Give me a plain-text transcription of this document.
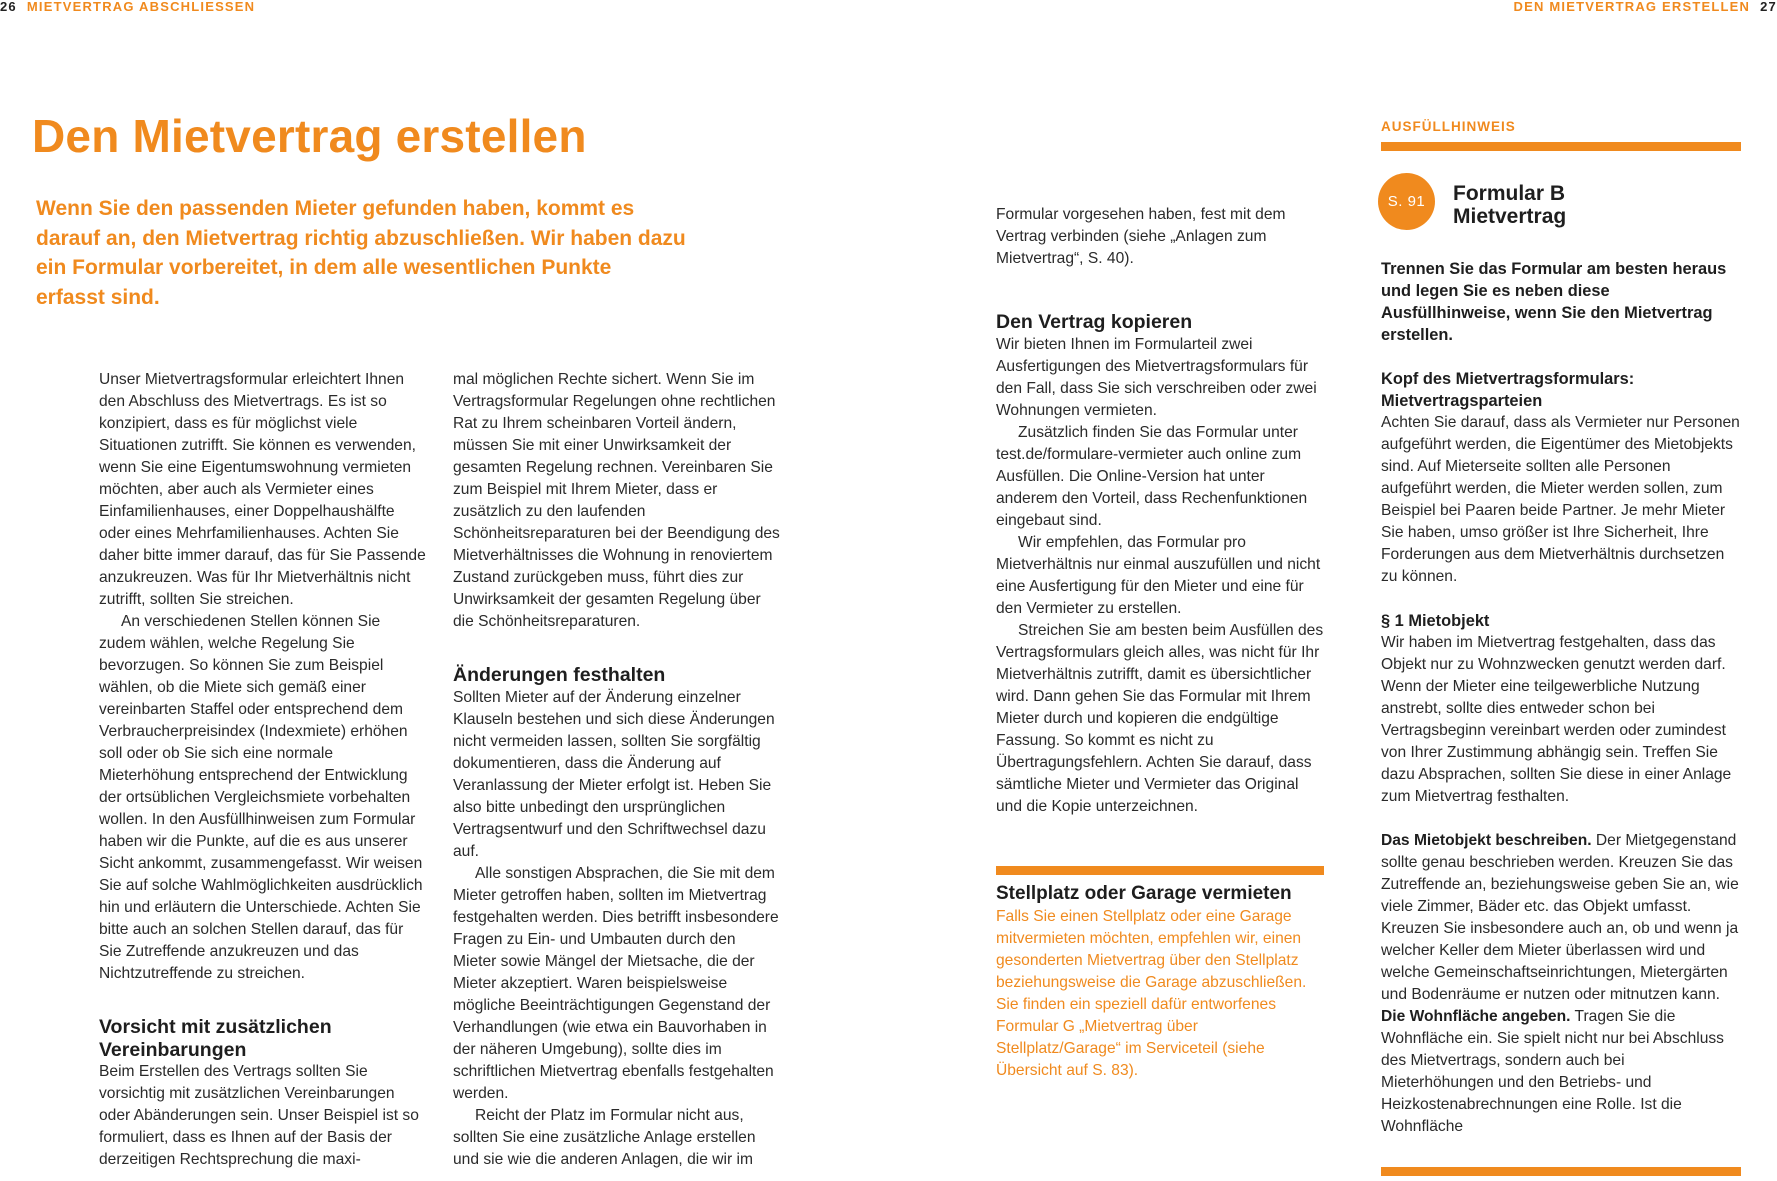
26 MIETVERTRAG ABSCHLIESSEN	DEN MIETVERTRAG ERSTELLEN 27
Den Mietvertrag erstellen

Wenn Sie den passenden Mieter gefunden haben, kommt es darauf an, den Mietvertrag richtig abzuschließen. Wir haben dazu ein Formular vorbereitet, in dem alle wesentlichen Punkte erfasst sind.

Unser Mietvertragsformular erleichtert Ihnen den Abschluss des Mietvertrags. Es ist so konzipiert, dass es für möglichst viele Situationen zutrifft. Sie können es verwenden, wenn Sie eine Eigentumswohnung vermieten möchten, aber auch als Vermieter eines Einfamilienhauses, einer Doppelhaushälfte oder eines Mehrfamilienhauses. Achten Sie daher bitte immer darauf, das für Sie Passende anzukreuzen. Was für Ihr Mietverhältnis nicht zutrifft, sollten Sie streichen.

An verschiedenen Stellen können Sie zudem wählen, welche Regelung Sie bevorzugen. So können Sie zum Beispiel wählen, ob die Miete sich gemäß einer vereinbarten Staffel oder entsprechend dem Verbraucherpreisindex (Indexmiete) erhöhen soll oder ob Sie sich eine normale Mieterhöhung entsprechend der Entwicklung der ortsüblichen Vergleichsmiete vorbehalten wollen. In den Ausfüllhinweisen zum Formular haben wir die Punkte, auf die es aus unserer Sicht ankommt, zusammengefasst. Wir weisen Sie auf solche Wahlmöglichkeiten ausdrücklich hin und erläutern die Unterschiede. Achten Sie bitte auch an solchen Stellen darauf, das für Sie Zutreffende anzukreuzen und das Nichtzutreffende zu streichen.

Vorsicht mit zusätzlichen Vereinbarungen

Beim Erstellen des Vertrags sollten Sie vorsichtig mit zusätzlichen Vereinbarungen oder Abänderungen sein. Unser Beispiel ist so formuliert, dass es Ihnen auf der Basis der derzeitigen Rechtsprechung die maxi-

mal möglichen Rechte sichert. Wenn Sie im Vertragsformular Regelungen ohne rechtlichen Rat zu Ihrem scheinbaren Vorteil ändern, müssen Sie mit einer Unwirksamkeit der gesamten Regelung rechnen. Vereinbaren Sie zum Beispiel mit Ihrem Mieter, dass er zusätzlich zu den laufenden Schönheitsreparaturen bei der Beendigung des Mietverhältnisses die Wohnung in renoviertem Zustand zurückgeben muss, führt dies zur Unwirksamkeit der gesamten Regelung über die Schönheitsreparaturen.

Änderungen festhalten

Sollten Mieter auf der Änderung einzelner Klauseln bestehen und sich diese Änderungen nicht vermeiden lassen, sollten Sie sorgfältig dokumentieren, dass die Änderung auf Veranlassung der Mieter erfolgt ist. Heben Sie also bitte unbedingt den ursprünglichen Vertragsentwurf und den Schriftwechsel dazu auf.

Alle sonstigen Absprachen, die Sie mit dem Mieter getroffen haben, sollten im Mietvertrag festgehalten werden. Dies betrifft insbesondere Fragen zu Ein- und Umbauten durch den Mieter sowie Mängel der Mietsache, die der Mieter akzeptiert. Waren beispielsweise mögliche Beeinträchtigungen Gegenstand der Verhandlungen (wie etwa ein Bauvorhaben in der näheren Umgebung), sollte dies im schriftlichen Mietvertrag ebenfalls festgehalten werden.

Reicht der Platz im Formular nicht aus, sollten Sie eine zusätzliche Anlage erstellen und sie wie die anderen Anlagen, die wir im

Formular vorgesehen haben, fest mit dem Vertrag verbinden (siehe „Anlagen zum Mietvertrag“, S. 40).

Den Vertrag kopieren

Wir bieten Ihnen im Formularteil zwei Ausfertigungen des Mietvertragsformulars für den Fall, dass Sie sich verschreiben oder zwei Wohnungen vermieten.

Zusätzlich finden Sie das Formular unter test.de/formulare-vermieter auch online zum Ausfüllen. Die Online-Version hat unter anderem den Vorteil, dass Rechenfunktionen eingebaut sind.

Wir empfehlen, das Formular pro Mietverhältnis nur einmal auszufüllen und nicht eine Ausfertigung für den Mieter und eine für den Vermieter zu erstellen.

Streichen Sie am besten beim Ausfüllen des Vertragsformulars gleich alles, was nicht für Ihr Mietverhältnis zutrifft, damit es übersichtlicher wird. Dann gehen Sie das Formular mit Ihrem Mieter durch und kopieren die endgültige Fassung. So kommt es nicht zu Übertragungsfehlern. Achten Sie darauf, dass sämtliche Mieter und Vermieter das Original und die Kopie unterzeichnen.

Stellplatz oder Garage vermieten

Falls Sie einen Stellplatz oder eine Garage mitvermieten möchten, empfehlen wir, einen gesonderten Mietvertrag über den Stellplatz beziehungsweise die Garage abzuschließen. Sie finden ein speziell dafür entworfenes Formular G „Mietvertrag über Stellplatz/Garage“ im Serviceteil (siehe Übersicht auf S. 83).

AUSFÜLLHINWEIS
S. 91	Formular B
Mietvertrag

Trennen Sie das Formular am besten heraus und legen Sie es neben diese Ausfüllhinweise, wenn Sie den Mietvertrag erstellen.

Kopf des Mietvertragsformulars: Mietvertragsparteien

Achten Sie darauf, dass als Vermieter nur Personen aufgeführt werden, die Eigentümer des Mietobjekts sind. Auf Mieterseite sollten alle Personen aufgeführt werden, die Mieter werden sollen, zum Beispiel bei Paaren beide Partner. Je mehr Mieter Sie haben, umso größer ist Ihre Sicherheit, Ihre Forderungen aus dem Mietverhältnis durchsetzen zu können.

§ 1 Mietobjekt

Wir haben im Mietvertrag festgehalten, dass das Objekt nur zu Wohnzwecken genutzt werden darf. Wenn der Mieter eine teilgewerbliche Nutzung anstrebt, sollte dies entweder schon bei Vertragsbeginn vereinbart werden oder zumindest von Ihrer Zustimmung abhängig sein. Treffen Sie dazu Absprachen, sollten Sie diese in einer Anlage zum Mietvertrag festhalten.

Das Mietobjekt beschreiben. Der Mietgegenstand sollte genau beschrieben werden. Kreuzen Sie das Zutreffende an, beziehungsweise geben Sie an, wie viele Zimmer, Bäder etc. das Objekt umfasst. Kreuzen Sie insbesondere auch an, ob und wenn ja welcher Keller dem Mieter überlassen wird und welche Gemeinschaftseinrichtungen, Mietergärten und Bodenräume er nutzen oder mitnutzen kann.

Die Wohnfläche angeben. Tragen Sie die Wohnfläche ein. Sie spielt nicht nur bei Abschluss des Mietvertrags, sondern auch bei Mieterhöhungen und den Betriebs- und Heizkostenabrechnungen eine Rolle. Ist die Wohnfläche
